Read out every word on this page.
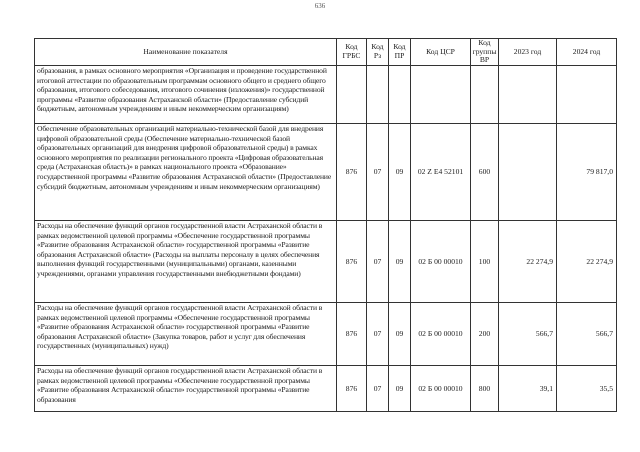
636
Наименование показателя	Код ГРБС	Код Рз	Код ПР	Код ЦСР	Код группы ВР	2023 год	2024 год
образования, в рамках основного мероприятия «Организация и проведение государственной итоговой аттестации по образовательным программам основного общего и среднего общего образования, итогового собеседования, итогового сочинения (изложения)» государственной программы «Развитие образования Астраханской области» (Предоставление субсидий бюджетным, автономным учреждениям и иным некоммерческим организациям)							
Обеспечение образовательных организаций материально-технической базой для внедрения цифровой образовательной среды (Обеспечение материально-технической базой образовательных организаций для внедрения цифровой образовательной среды) в рамках основного мероприятия по реализации регионального проекта «Цифровая образовательная среда (Астраханская область)» в рамках национального проекта «Образование» государственной программы «Развитие образования Астраханской области» (Предоставление субсидий бюджетным, автономным учреждениям и иным некоммерческим организациям)	876	07	09	02 Z E4 52101	600		79 817,0
Расходы на обеспечение функций органов государственной власти Астраханской области в рамках ведомственной целевой программы «Обеспечение государственной программы «Развитие образования Астраханской области» государственной программы «Развитие образования Астраханской области» (Расходы на выплаты персоналу в целях обеспечения выполнения функций государственными (муниципальными) органами, казенными учреждениями, органами управления государственными внебюджетными фондами)	876	07	09	02 Б 00 00010	100	22 274,9	22 274,9
Расходы на обеспечение функций органов государственной власти Астраханской области в рамках ведомственной целевой программы «Обеспечение государственной программы «Развитие образования Астраханской области» государственной программы «Развитие образования Астраханской области» (Закупка товаров, работ и услуг для обеспечения государственных (муниципальных) нужд)	876	07	09	02 Б 00 00010	200	566,7	566,7

Расходы на обеспечение функций органов государственной власти Астраханской области в рамках ведомственной целевой программы «Обеспечение государственной программы «Развитие образования Астраханской области» государственной программы «Развитие образования	876	07	09	02 Б 00 00010	800	39,1	35,5
